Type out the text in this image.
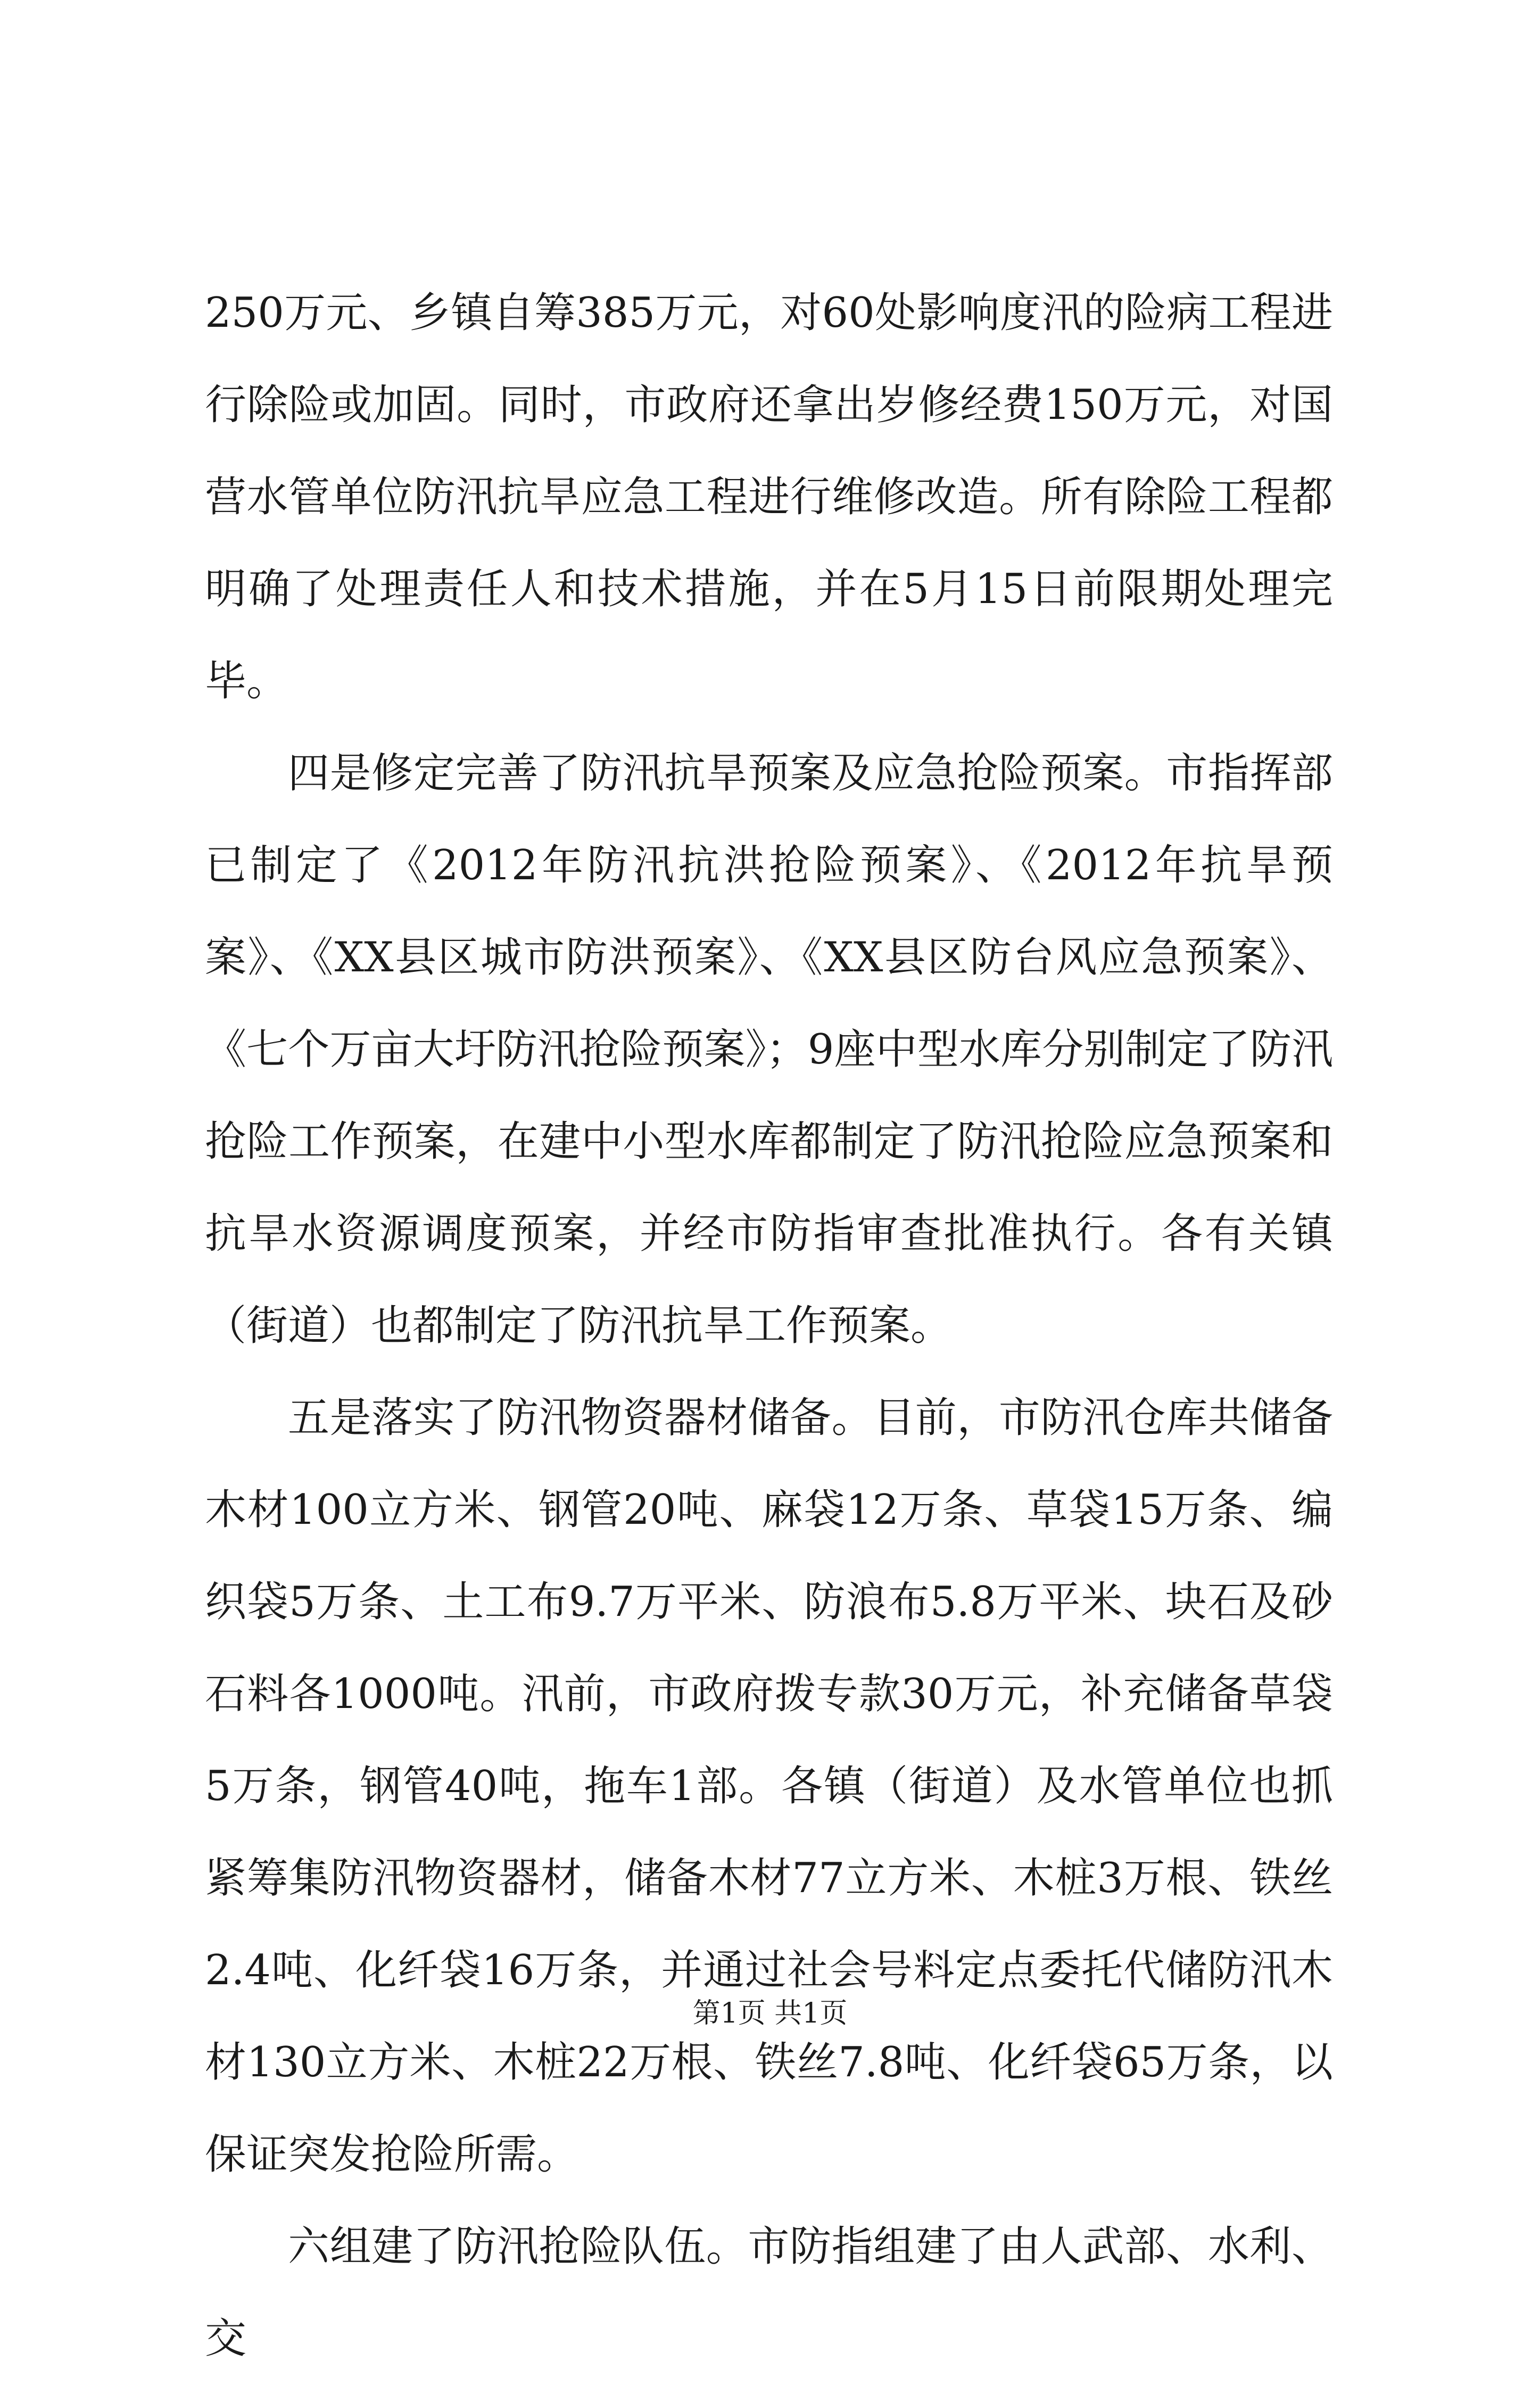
250万元、乡镇自筹385万元，对60处影响度汛的险病工程进行除险或加固。同时，市政府还拿出岁修经费150万元，对国营水管单位防汛抗旱应急工程进行维修改造。所有除险工程都明确了处理责任人和技术措施，并在5月15日前限期处理完毕。

四是修定完善了防汛抗旱预案及应急抢险预案。市指挥部已制定了《2012年防汛抗洪抢险预案》、《2012年抗旱预案》、《XX县区城市防洪预案》、《XX县区防台风应急预案》、《七个万亩大圩防汛抢险预案》；9座中型水库分别制定了防汛抢险工作预案，在建中小型水库都制定了防汛抢险应急预案和抗旱水资源调度预案，并经市防指审查批准执行。各有关镇（街道）也都制定了防汛抗旱工作预案。

五是落实了防汛物资器材储备。目前，市防汛仓库共储备木材100立方米、钢管20吨、麻袋12万条、草袋15万条、编织袋5万条、土工布9.7万平米、防浪布5.8万平米、块石及砂石料各1000吨。汛前，市政府拨专款30万元，补充储备草袋5万条，钢管40吨，拖车1部。各镇（街道）及水管单位也抓紧筹集防汛物资器材，储备木材77立方米、木桩3万根、铁丝2.4吨、化纤袋16万条，并通过社会号料定点委托代储防汛木材130立方米、木桩22万根、铁丝7.8吨、化纤袋65万条，以保证突发抢险所需。

六组建了防汛抢险队伍。市防指组建了由人武部、水利、交

第1页 共1页
